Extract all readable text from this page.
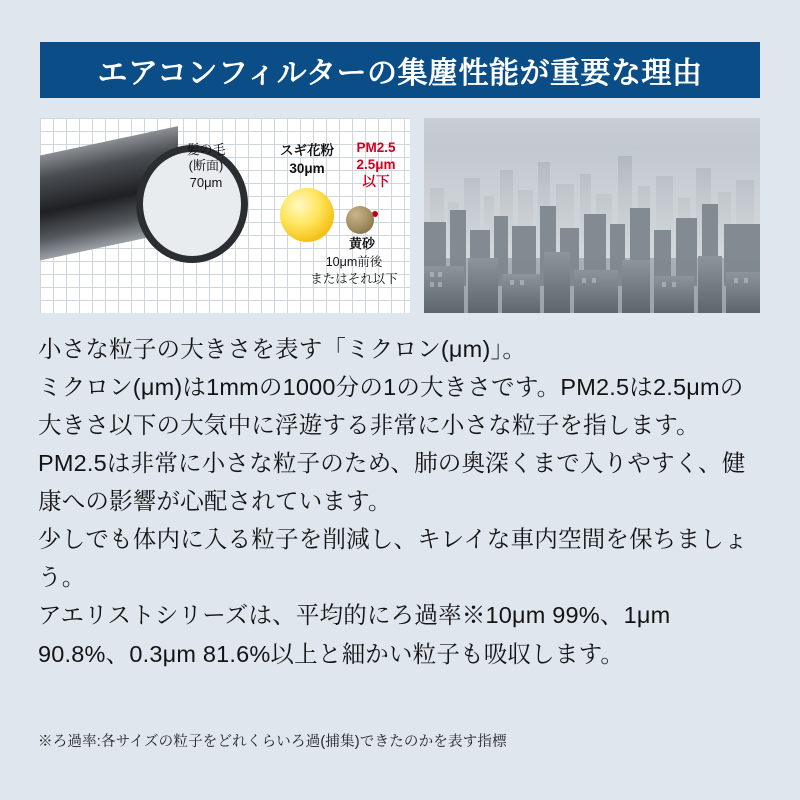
エアコンフィルターの集塵性能が重要な理由
髪の毛
(断面)
70μm
スギ花粉
30μm
PM2.5
2.5μm
以下
黄砂
10μm前後
またはそれ以下

小さな粒子の大きさを表す「ミクロン(μm)」。

ミクロン(μm)は1mmの1000分の1の大きさです。PM2.5は2.5μmの大きさ以下の大気中に浮遊する非常に小さな粒子を指します。PM2.5は非常に小さな粒子のため、肺の奥深くまで入りやすく、健康への影響が心配されています。

少しでも体内に入る粒子を削減し、キレイな車内空間を保ちましょう。

アエリストシリーズは、平均的にろ過率※10μm 99%、1μm 90.8%、0.3μm 81.6%以上と細かい粒子も吸収します。

※ろ過率:各サイズの粒子をどれくらいろ過(捕集)できたのかを表す指標
